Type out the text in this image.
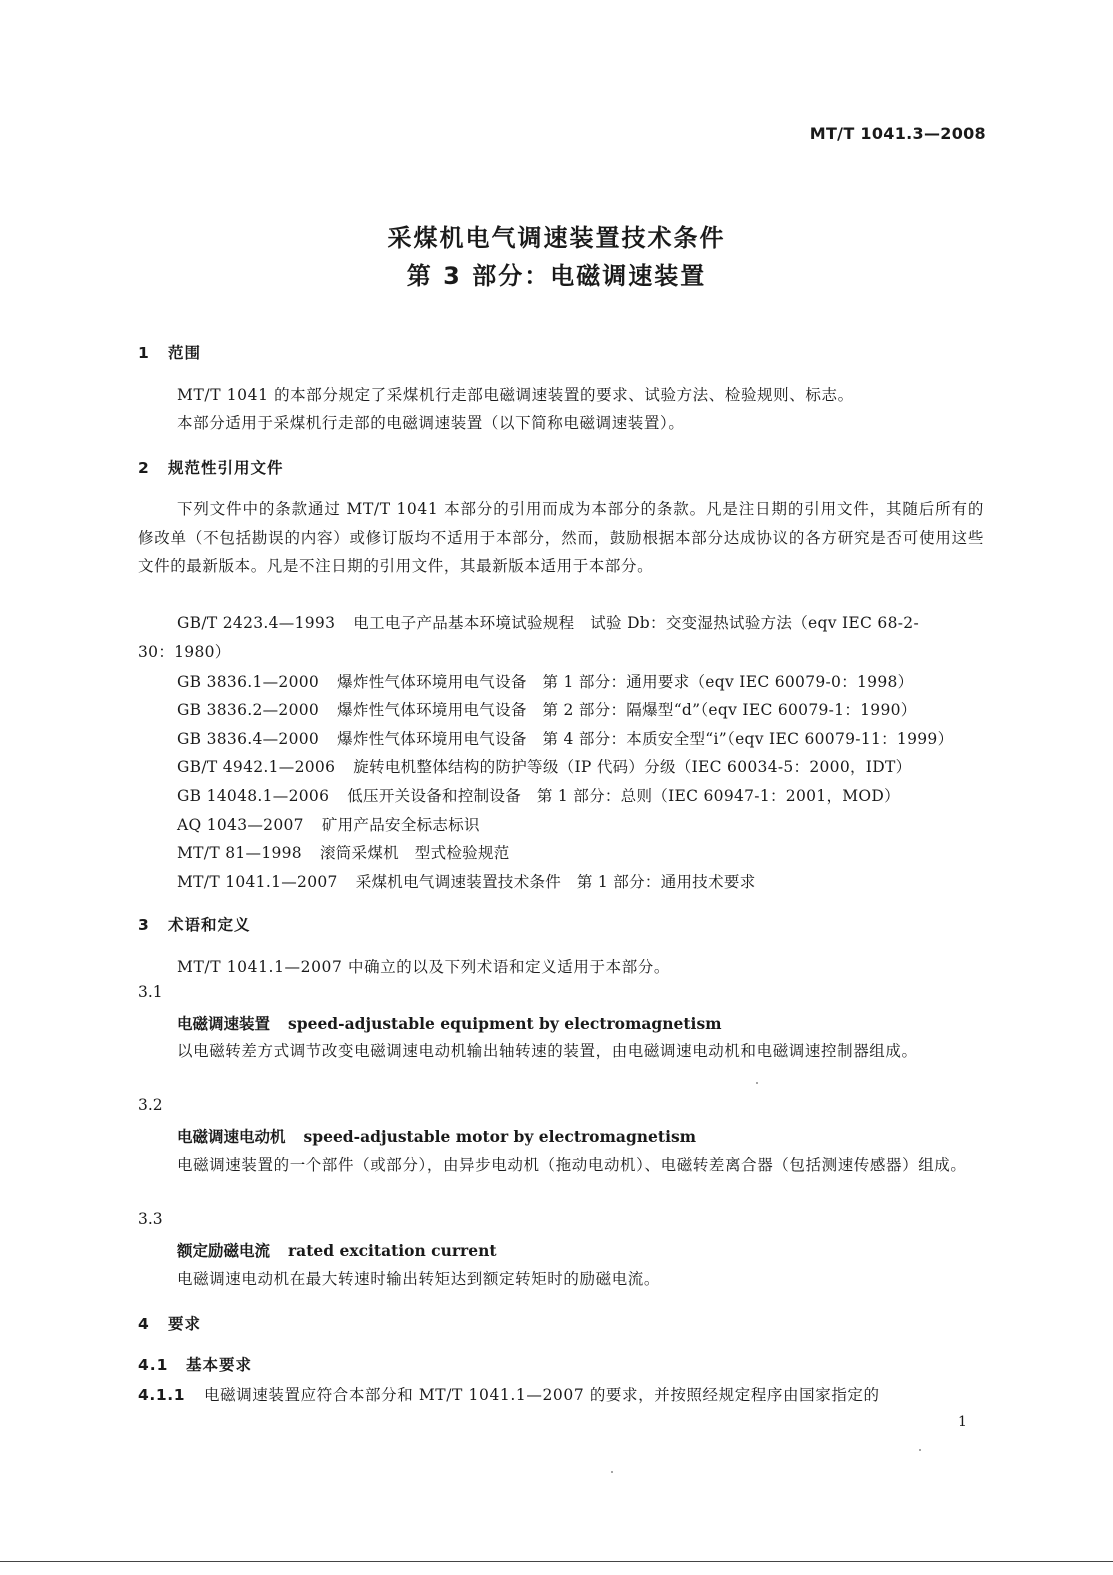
MT/T 1041.3—2008
采煤机电气调速装置技术条件
第 3 部分：电磁调速装置
1 范围
MT/T 1041 的本部分规定了采煤机行走部电磁调速装置的要求、试验方法、检验规则、标志。
本部分适用于采煤机行走部的电磁调速装置（以下简称电磁调速装置）。
2 规范性引用文件
下列文件中的条款通过 MT/T 1041 本部分的引用而成为本部分的条款。凡是注日期的引用文件，其随后所有的修改单（不包括勘误的内容）或修订版均不适用于本部分，然而，鼓励根据本部分达成协议的各方研究是否可使用这些文件的最新版本。凡是不注日期的引用文件，其最新版本适用于本部分。
GB/T 2423.4—1993 电工电子产品基本环境试验规程　试验 Db：交变湿热试验方法（eqv IEC 68-2-
30：1980）
GB 3836.1—2000 爆炸性气体环境用电气设备　第 1 部分：通用要求（eqv IEC 60079-0：1998）
GB 3836.2—2000 爆炸性气体环境用电气设备　第 2 部分：隔爆型“d”（eqv IEC 60079-1：1990）
GB 3836.4—2000 爆炸性气体环境用电气设备　第 4 部分：本质安全型“i”（eqv IEC 60079-11：1999）
GB/T 4942.1—2006 旋转电机整体结构的防护等级（IP 代码）分级（IEC 60034-5：2000，IDT）
GB 14048.1—2006 低压开关设备和控制设备　第 1 部分：总则（IEC 60947-1：2001，MOD）
AQ 1043—2007 矿用产品安全标志标识
MT/T 81—1998 滚筒采煤机　型式检验规范
MT/T 1041.1—2007 采煤机电气调速装置技术条件　第 1 部分：通用技术要求
3 术语和定义
MT/T 1041.1—2007 中确立的以及下列术语和定义适用于本部分。
3.1
电磁调速装置 speed-adjustable equipment by electromagnetism
以电磁转差方式调节改变电磁调速电动机输出轴转速的装置，由电磁调速电动机和电磁调速控制器组成。
3.2
电磁调速电动机 speed-adjustable motor by electromagnetism
电磁调速装置的一个部件（或部分），由异步电动机（拖动电动机）、电磁转差离合器（包括测速传感器）组成。
3.3
额定励磁电流 rated excitation current
电磁调速电动机在最大转速时输出转矩达到额定转矩时的励磁电流。
4 要求
4.1 基本要求
4.1.1 电磁调速装置应符合本部分和 MT/T 1041.1—2007 的要求，并按照经规定程序由国家指定的
1
